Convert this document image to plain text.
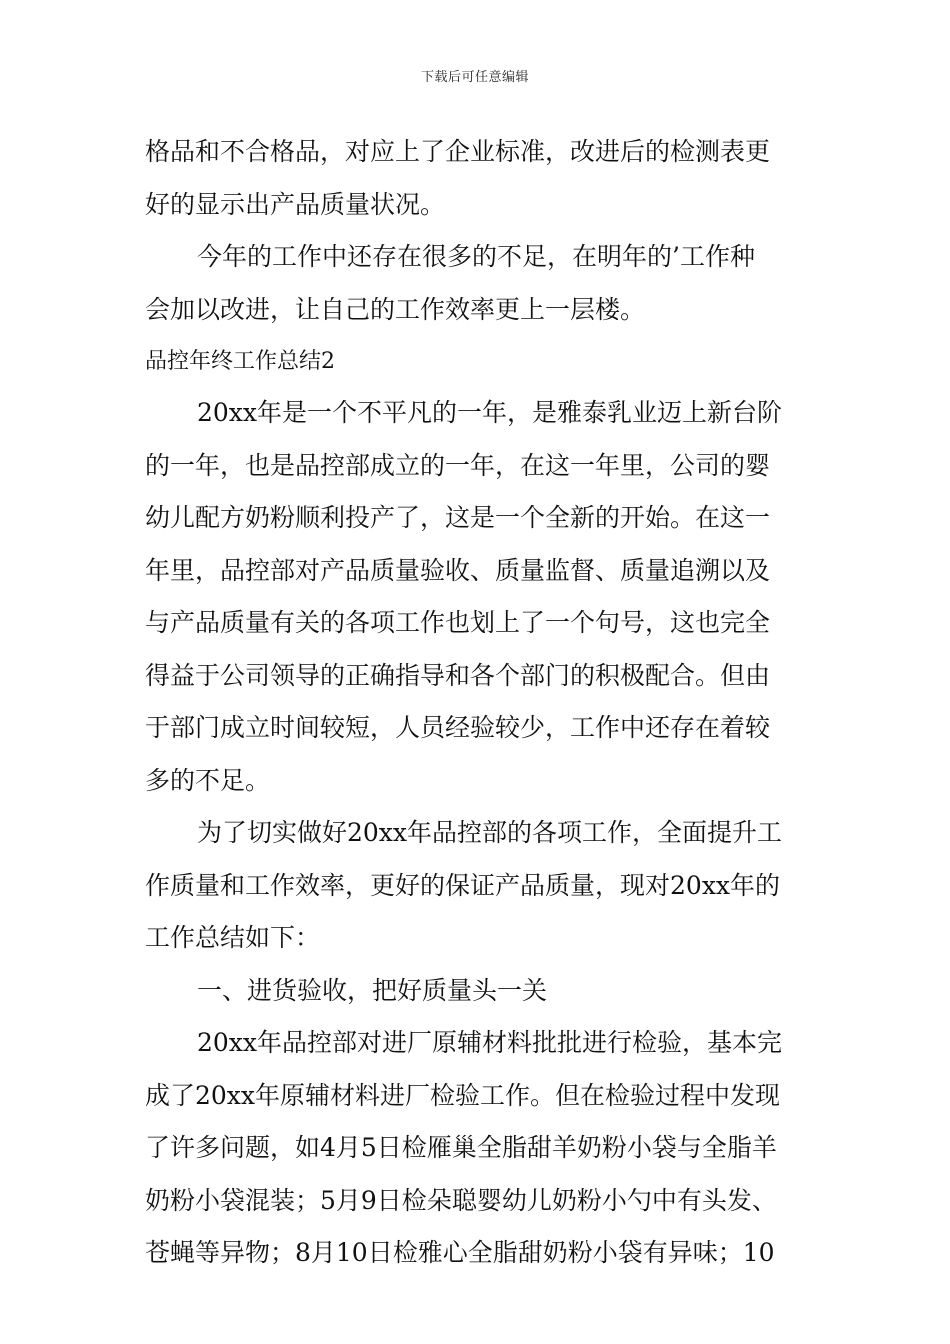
下载后可任意编辑
格品和不合格品，对应上了企业标准，改进后的检测表更
好的显示出产品质量状况。
今年的工作中还存在很多的不足，在明年的’工作种
会加以改进，让自己的工作效率更上一层楼。
品控年终工作总结2
20xx年是一个不平凡的一年，是雅泰乳业迈上新台阶
的一年，也是品控部成立的一年，在这一年里，公司的婴
幼儿配方奶粉顺利投产了，这是一个全新的开始。在这一
年里，品控部对产品质量验收、质量监督、质量追溯以及
与产品质量有关的各项工作也划上了一个句号，这也完全
得益于公司领导的正确指导和各个部门的积极配合。但由
于部门成立时间较短，人员经验较少，工作中还存在着较
多的不足。
为了切实做好20xx年品控部的各项工作，全面提升工
作质量和工作效率，更好的保证产品质量，现对20xx年的
工作总结如下：
一、进货验收，把好质量头一关
20xx年品控部对进厂原辅材料批批进行检验，基本完
成了20xx年原辅材料进厂检验工作。但在检验过程中发现
了许多问题，如4月5日检雁巢全脂甜羊奶粉小袋与全脂羊
奶粉小袋混装；5月9日检朵聪婴幼儿奶粉小勺中有头发、
苍蝇等异物；8月10日检雅心全脂甜奶粉小袋有异味；10
